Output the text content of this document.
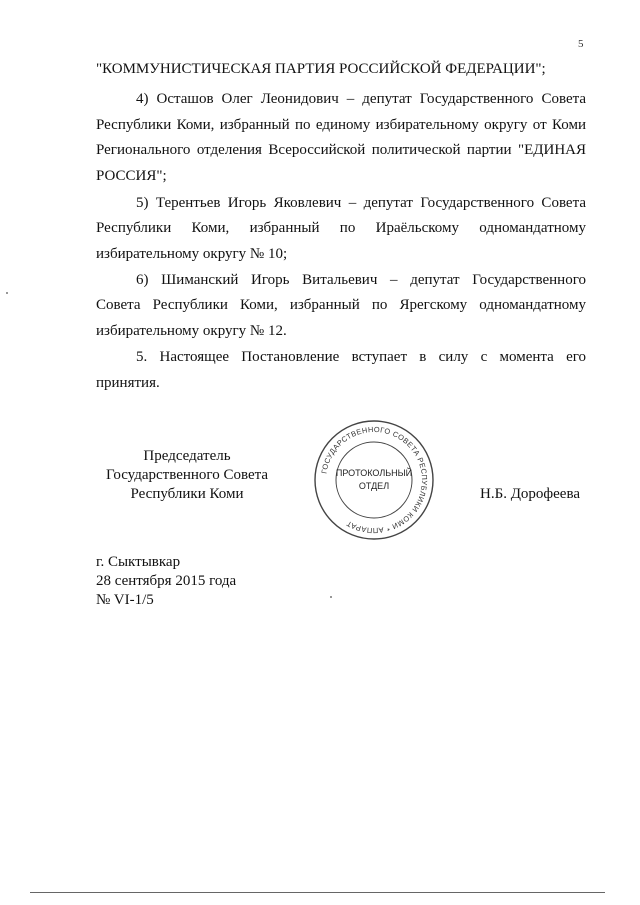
5
"КОММУНИСТИЧЕСКАЯ ПАРТИЯ РОССИЙСКОЙ ФЕДЕРАЦИИ";
4) Осташов Олег Леонидович – депутат Государственного Совета
Республики Коми, избранный по единому избирательному округу от Коми
Регионального отделения Всероссийской политической партии "ЕДИНАЯ
РОССИЯ";
5) Терентьев Игорь Яковлевич – депутат Государственного Совета
Республики Коми, избранный по Ираёльскому одномандатному
избирательному округу № 10;
6) Шиманский Игорь Витальевич – депутат Государственного
Совета Республики Коми, избранный по Ярегскому одномандатному
избирательному округу № 12.
5. Настоящее Постановление вступает в силу с момента его
принятия.
Председатель
Государственного Совета
Республики Коми
ГОСУДАРСТВЕННОГО СОВЕТА РЕСПУБЛИКИ КОМИ * АППАРАТ
ПРОТОКОЛЬНЫЙ
ОТДЕЛ	Н.Б. Дорофеева
г. Сыктывкар
28 сентября 2015 года
№ VI-1/5
